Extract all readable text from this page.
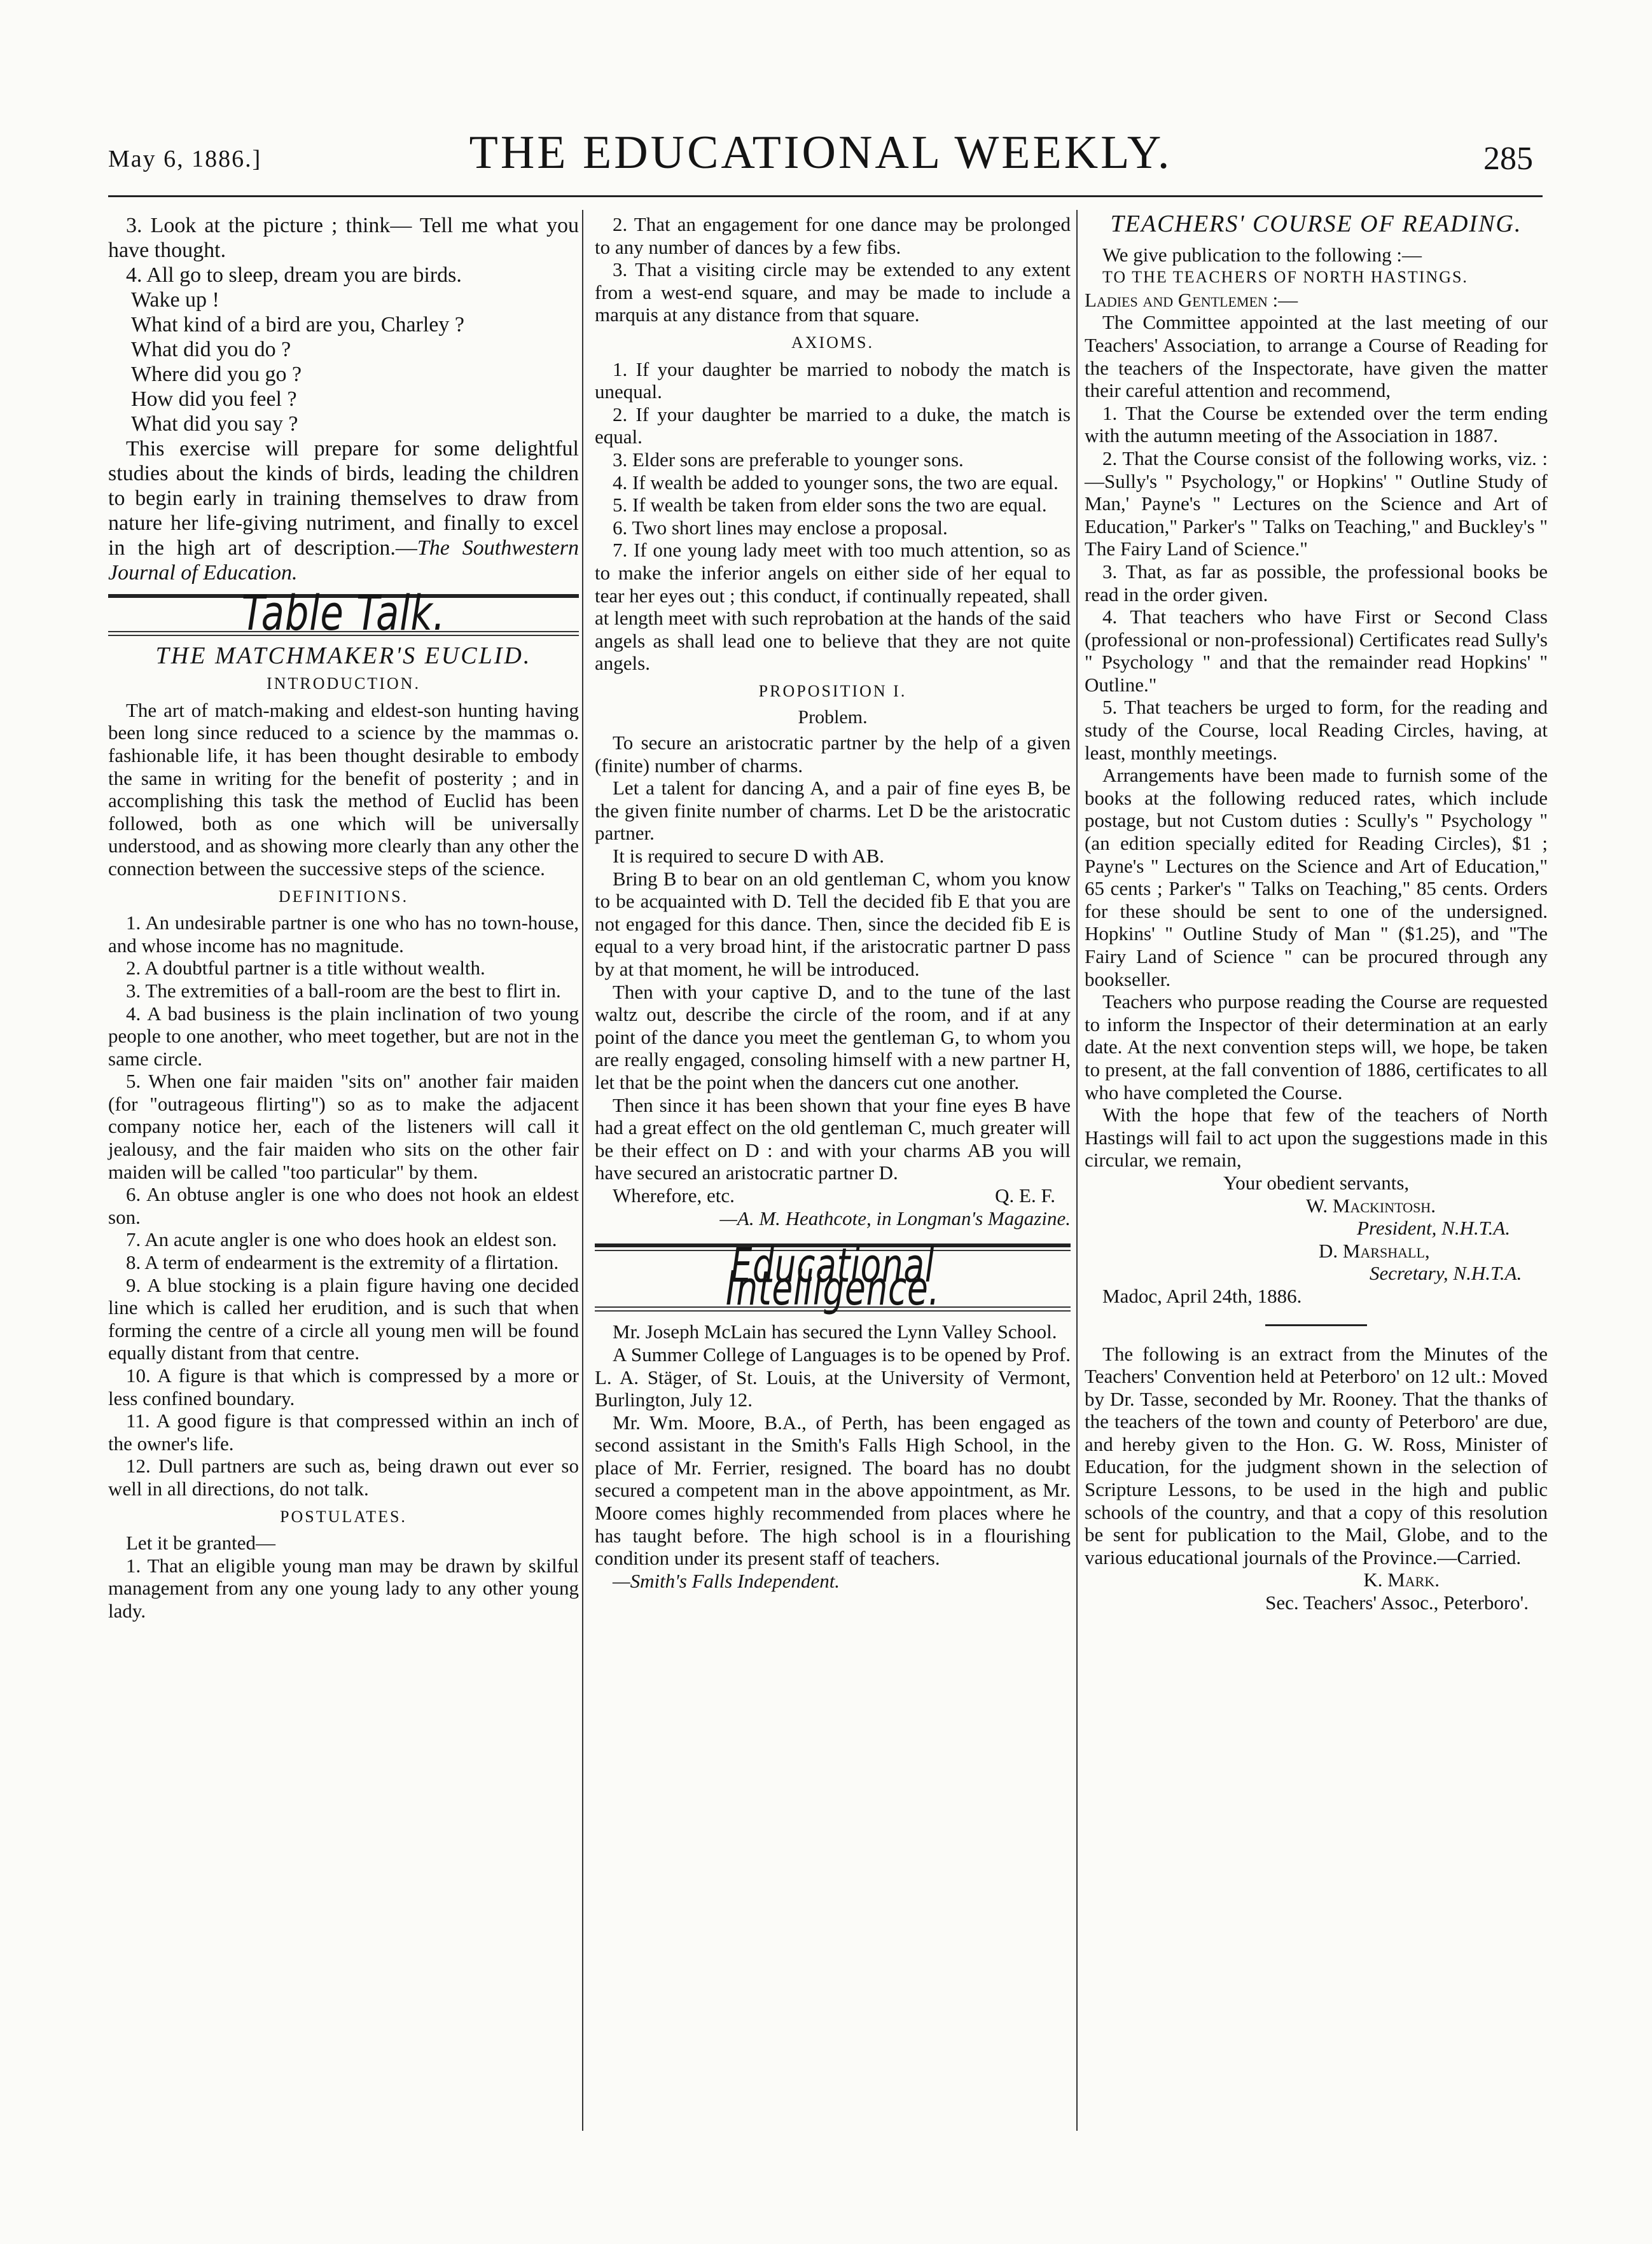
May 6, 1886.]	THE EDUCATIONAL WEEKLY.	285

3. Look at the picture ; think— Tell me what you have thought.

4. All go to sleep, dream you are birds.

Wake up !

What kind of a bird are you, Charley ?

What did you do ?

Where did you go ?

How did you feel ?

What did you say ?

This exercise will prepare for some delightful studies about the kinds of birds, leading the children to begin early in training themselves to draw from nature her life-giving nutriment, and finally to excel in the high art of description.—The Southwestern Journal of Education.

Table Talk.
THE MATCHMAKER'S EUCLID.
INTRODUCTION.

The art of match-making and eldest-son hunting having been long since reduced to a science by the mammas o. fashionable life, it has been thought desirable to embody the same in writing for the benefit of posterity ; and in accomplishing this task the method of Euclid has been followed, both as one which will be universally understood, and as showing more clearly than any other the connection between the successive steps of the science.

DEFINITIONS.

1. An undesirable partner is one who has no town-house, and whose income has no magnitude.

2. A doubtful partner is a title without wealth.

3. The extremities of a ball-room are the best to flirt in.

4. A bad business is the plain inclination of two young people to one another, who meet together, but are not in the same circle.

5. When one fair maiden "sits on" another fair maiden (for "outrageous flirting") so as to make the adjacent company notice her, each of the listeners will call it jealousy, and the fair maiden who sits on the other fair maiden will be called "too particular" by them.

6. An obtuse angler is one who does not hook an eldest son.

7. An acute angler is one who does hook an eldest son.

8. A term of endearment is the extremity of a flirtation.

9. A blue stocking is a plain figure having one decided line which is called her erudition, and is such that when forming the centre of a circle all young men will be found equally distant from that centre.

10. A figure is that which is compressed by a more or less confined boundary.

11. A good figure is that compressed within an inch of the owner's life.

12. Dull partners are such as, being drawn out ever so well in all directions, do not talk.

POSTULATES.

Let it be granted—

1. That an eligible young man may be drawn by skilful management from any one young lady to any other young lady.

2. That an engagement for one dance may be prolonged to any number of dances by a few fibs.

3. That a visiting circle may be extended to any extent from a west-end square, and may be made to include a marquis at any distance from that square.

AXIOMS.

1. If your daughter be married to nobody the match is unequal.

2. If your daughter be married to a duke, the match is equal.

3. Elder sons are preferable to younger sons.

4. If wealth be added to younger sons, the two are equal.

5. If wealth be taken from elder sons the two are equal.

6. Two short lines may enclose a proposal.

7. If one young lady meet with too much attention, so as to make the inferior angels on either side of her equal to tear her eyes out ; this conduct, if continually repeated, shall at length meet with such reprobation at the hands of the said angels as shall lead one to believe that they are not quite angels.

PROPOSITION I.
Problem.

To secure an aristocratic partner by the help of a given (finite) number of charms.

Let a talent for dancing A, and a pair of fine eyes B, be the given finite number of charms. Let D be the aristocratic partner.

It is required to secure D with AB.

Bring B to bear on an old gentleman C, whom you know to be acquainted with D. Tell the decided fib E that you are not engaged for this dance. Then, since the decided fib E is equal to a very broad hint, if the aristocratic partner D pass by at that moment, he will be introduced.

Then with your captive D, and to the tune of the last waltz out, describe the circle of the room, and if at any point of the dance you meet the gentleman G, to whom you are really engaged, consoling himself with a new partner H, let that be the point when the dancers cut one another.

Then since it has been shown that your fine eyes B have had a great effect on the old gentleman C, much greater will be their effect on D : and with your charms AB you will have secured an aristocratic partner D.

Wherefore, etc.	Q. E. F.
—A. M. Heathcote, in Longman's Magazine.
Educational Intelligence.

Mr. Joseph McLain has secured the Lynn Valley School.

A Summer College of Languages is to be opened by Prof. L. A. Stäger, of St. Louis, at the University of Vermont, Burlington, July 12.

Mr. Wm. Moore, B.A., of Perth, has been engaged as second assistant in the Smith's Falls High School, in the place of Mr. Ferrier, resigned. The board has no doubt secured a competent man in the above appointment, as Mr. Moore comes highly recommended from places where he has taught before. The high school is in a flourishing condition under its present staff of teachers.

—Smith's Falls Independent.

TEACHERS' COURSE OF READING.

We give publication to the following :—

TO THE TEACHERS OF NORTH HASTINGS.

Ladies and Gentlemen :—

The Committee appointed at the last meeting of our Teachers' Association, to arrange a Course of Reading for the teachers of the Inspectorate, have given the matter their careful attention and recommend,

1. That the Course be extended over the term ending with the autumn meeting of the Association in 1887.

2. That the Course consist of the following works, viz. :—Sully's " Psychology," or Hopkins' " Outline Study of Man,' Payne's " Lectures on the Science and Art of Education," Parker's " Talks on Teaching," and Buckley's " The Fairy Land of Science."

3. That, as far as possible, the professional books be read in the order given.

4. That teachers who have First or Second Class (professional or non-professional) Certificates read Sully's " Psychology " and that the remainder read Hopkins' " Outline."

5. That teachers be urged to form, for the reading and study of the Course, local Reading Circles, having, at least, monthly meetings.

Arrangements have been made to furnish some of the books at the following reduced rates, which include postage, but not Custom duties : Scully's " Psychology " (an edition specially edited for Reading Circles), $1 ; Payne's " Lectures on the Science and Art of Education," 65 cents ; Parker's " Talks on Teaching," 85 cents. Orders for these should be sent to one of the undersigned. Hopkins' " Outline Study of Man " ($1.25), and "The Fairy Land of Science " can be procured through any bookseller.

Teachers who purpose reading the Course are requested to inform the Inspector of their determination at an early date. At the next convention steps will, we hope, be taken to present, at the fall convention of 1886, certificates to all who have completed the Course.

With the hope that few of the teachers of North Hastings will fail to act upon the suggestions made in this circular, we remain,

Your obedient servants,

W. Mackintosh.

President, N.H.T.A.

D. Marshall,

Secretary, N.H.T.A.

Madoc, April 24th, 1886.

The following is an extract from the Minutes of the Teachers' Convention held at Peterboro' on 12 ult.: Moved by Dr. Tasse, seconded by Mr. Rooney. That the thanks of the teachers of the town and county of Peterboro' are due, and hereby given to the Hon. G. W. Ross, Minister of Education, for the judgment shown in the selection of Scripture Lessons, to be used in the high and public schools of the country, and that a copy of this resolution be sent for publication to the Mail, Globe, and to the various educational journals of the Province.—Carried.

K. Mark.

Sec. Teachers' Assoc., Peterboro'.
